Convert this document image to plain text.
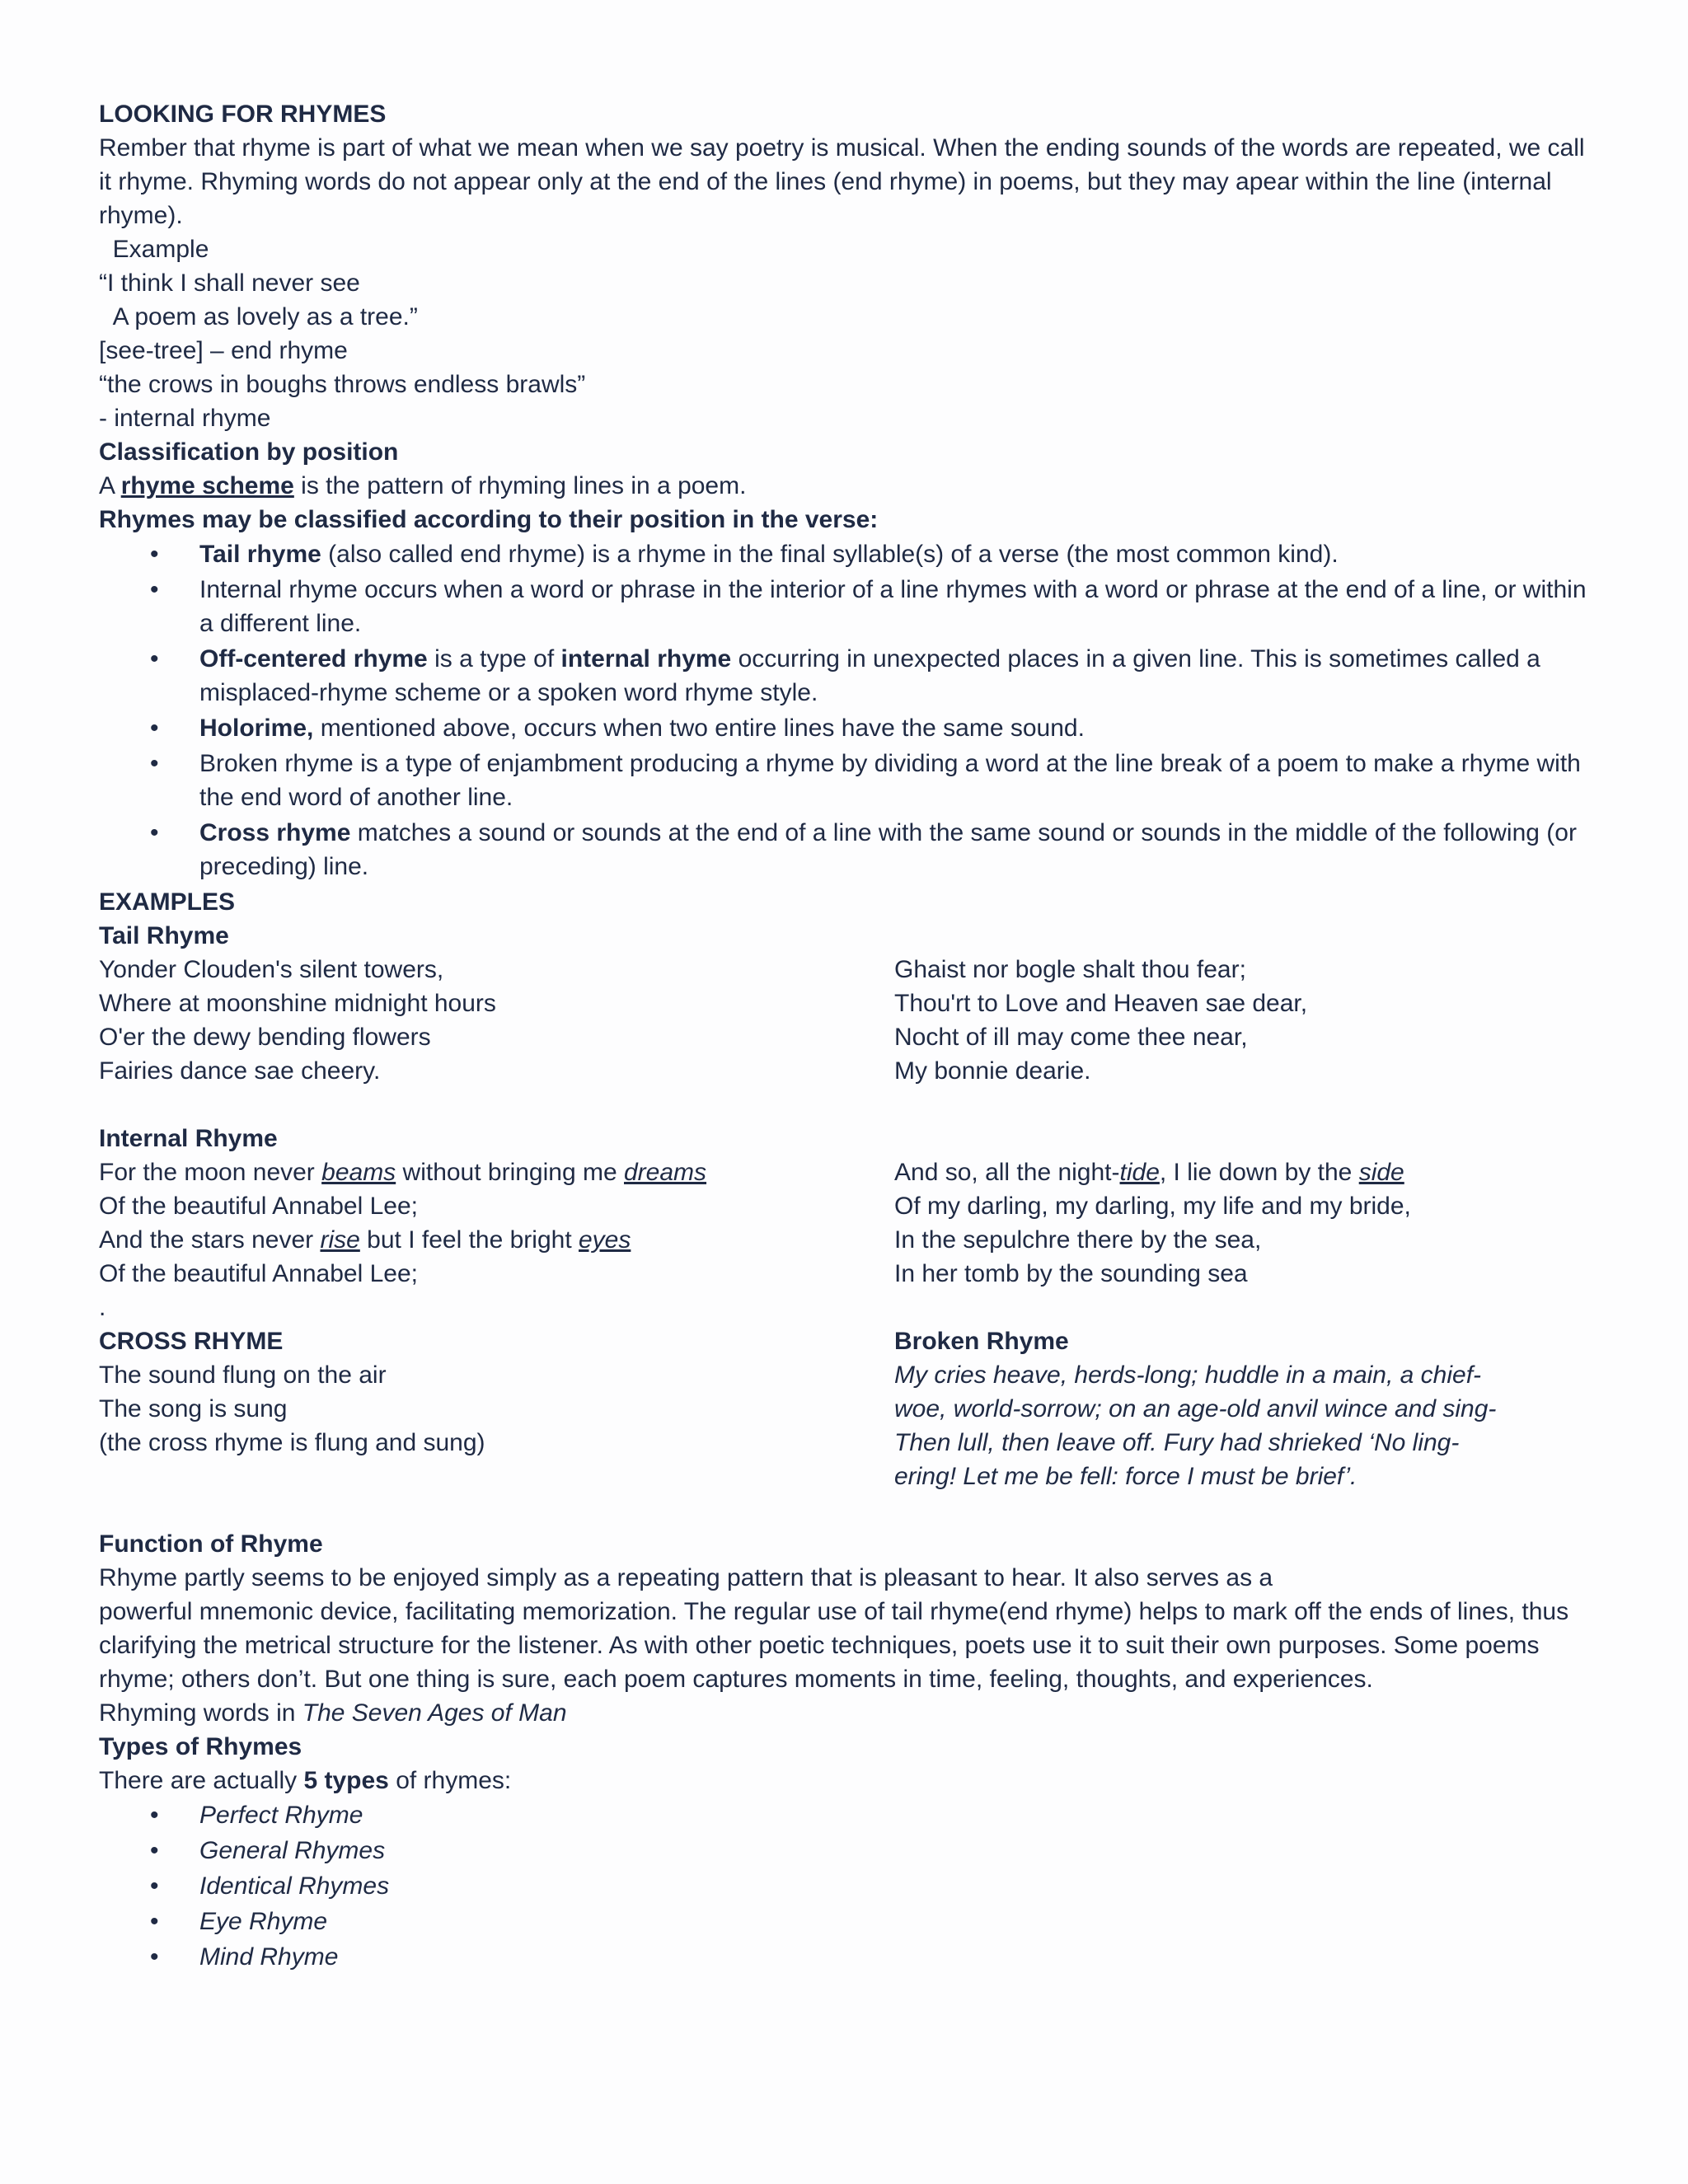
LOOKING FOR RHYMES
Rember that rhyme is part of what we mean when we say poetry is musical. When the ending sounds of the words are repeated, we call it rhyme. Rhyming words do not appear only at the end of the lines (end rhyme) in poems, but they may apear within the line (internal rhyme).
Example
“I think I shall never see
A poem as lovely as a tree.”
[see-tree] – end rhyme
“the crows in boughs throws endless brawls”
- internal rhyme
Classification by position
A rhyme scheme is the pattern of rhyming lines in a poem.
Rhymes may be classified according to their position in the verse:
• Tail rhyme (also called end rhyme) is a rhyme in the final syllable(s) of a verse (the most common kind).
• Internal rhyme occurs when a word or phrase in the interior of a line rhymes with a word or phrase at the end of a line, or within a different line.
• Off-centered rhyme is a type of internal rhyme occurring in unexpected places in a given line. This is sometimes called a misplaced-rhyme scheme or a spoken word rhyme style.
• Holorime, mentioned above, occurs when two entire lines have the same sound.
• Broken rhyme is a type of enjambment producing a rhyme by dividing a word at the line break of a poem to make a rhyme with the end word of another line.
• Cross rhyme matches a sound or sounds at the end of a line with the same sound or sounds in the middle of the following (or preceding) line.
EXAMPLES
Tail Rhyme
Yonder Clouden's silent towers,
Where at moonshine midnight hours
O'er the dewy bending flowers
Fairies dance sae cheery.
Ghaist nor bogle shalt thou fear;
Thou'rt to Love and Heaven sae dear,
Nocht of ill may come thee near,
My bonnie dearie.
Internal Rhyme
For the moon never beams without bringing me dreams
Of the beautiful Annabel Lee;
And the stars never rise but I feel the bright eyes
Of the beautiful Annabel Lee;
.
And so, all the night-tide, I lie down by the side
Of my darling, my darling, my life and my bride,
In the sepulchre there by the sea,
In her tomb by the sounding sea
CROSS RHYME
The sound flung on the air
The song is sung
(the cross rhyme is flung and sung)
Broken Rhyme
My cries heave, herds-long; huddle in a main, a chief-
woe, world-sorrow; on an age-old anvil wince and sing-
Then lull, then leave off. Fury had shrieked ‘No ling-
ering! Let me be fell: force I must be brief’.
Function of Rhyme
Rhyme partly seems to be enjoyed simply as a repeating pattern that is pleasant to hear. It also serves as a
powerful mnemonic device, facilitating memorization. The regular use of tail rhyme(end rhyme) helps to mark off the ends of lines, thus clarifying the metrical structure for the listener. As with other poetic techniques, poets use it to suit their own purposes. Some poems rhyme; others don’t. But one thing is sure, each poem captures moments in time, feeling, thoughts, and experiences.
Rhyming words in The Seven Ages of Man
Types of Rhymes
There are actually 5 types of rhymes:
• Perfect Rhyme
• General Rhymes
• Identical Rhymes
• Eye Rhyme
• Mind Rhyme
